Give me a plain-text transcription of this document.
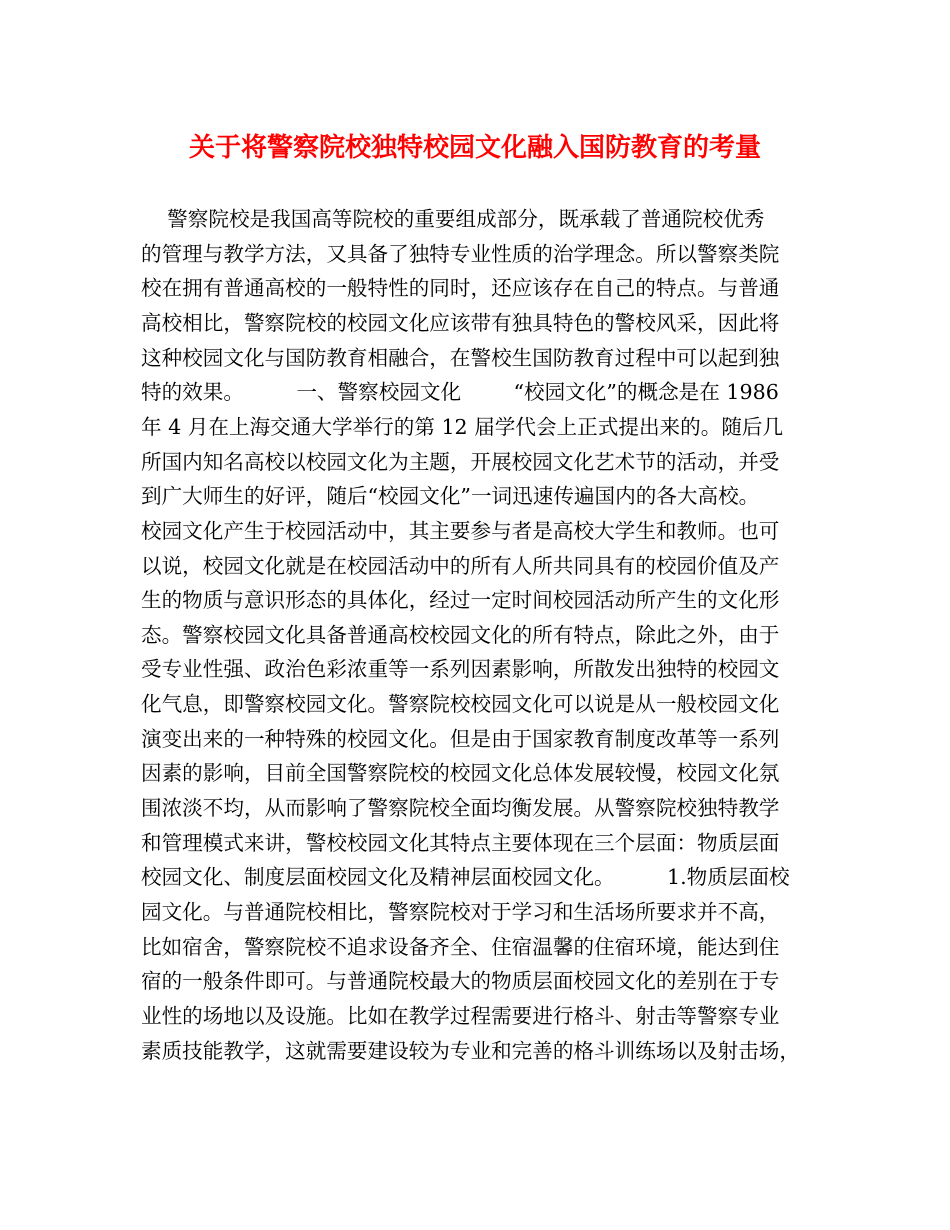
关于将警察院校独特校园文化融入国防教育的考量
警察院校是我国高等院校的重要组成部分，既承载了普通院校优秀
的管理与教学方法，又具备了独特专业性质的治学理念。所以警察类院
校在拥有普通高校的一般特性的同时，还应该存在自己的特点。与普通
高校相比，警察院校的校园文化应该带有独具特色的警校风采，因此将
这种校园文化与国防教育相融合，在警校生国防教育过程中可以起到独
特的效果。        一、警察校园文化        “校园文化”的概念是在 1986
年 4 月在上海交通大学举行的第 12 届学代会上正式提出来的。随后几
所国内知名高校以校园文化为主题，开展校园文化艺术节的活动，并受
到广大师生的好评，随后“校园文化”一词迅速传遍国内的各大高校。
校园文化产生于校园活动中，其主要参与者是高校大学生和教师。也可
以说，校园文化就是在校园活动中的所有人所共同具有的校园价值及产
生的物质与意识形态的具体化，经过一定时间校园活动所产生的文化形
态。警察校园文化具备普通高校校园文化的所有特点，除此之外，由于
受专业性强、政治色彩浓重等一系列因素影响，所散发出独特的校园文
化气息，即警察校园文化。警察院校校园文化可以说是从一般校园文化
演变出来的一种特殊的校园文化。但是由于国家教育制度改革等一系列
因素的影响，目前全国警察院校的校园文化总体发展较慢，校园文化氛
围浓淡不均，从而影响了警察院校全面均衡发展。从警察院校独特教学
和管理模式来讲，警校校园文化其特点主要体现在三个层面：物质层面
校园文化、制度层面校园文化及精神层面校园文化。        1.物质层面校
园文化。与普通院校相比，警察院校对于学习和生活场所要求并不高，
比如宿舍，警察院校不追求设备齐全、住宿温馨的住宿环境，能达到住
宿的一般条件即可。与普通院校最大的物质层面校园文化的差别在于专
业性的场地以及设施。比如在教学过程需要进行格斗、射击等警察专业
素质技能教学，这就需要建设较为专业和完善的格斗训练场以及射击场，
